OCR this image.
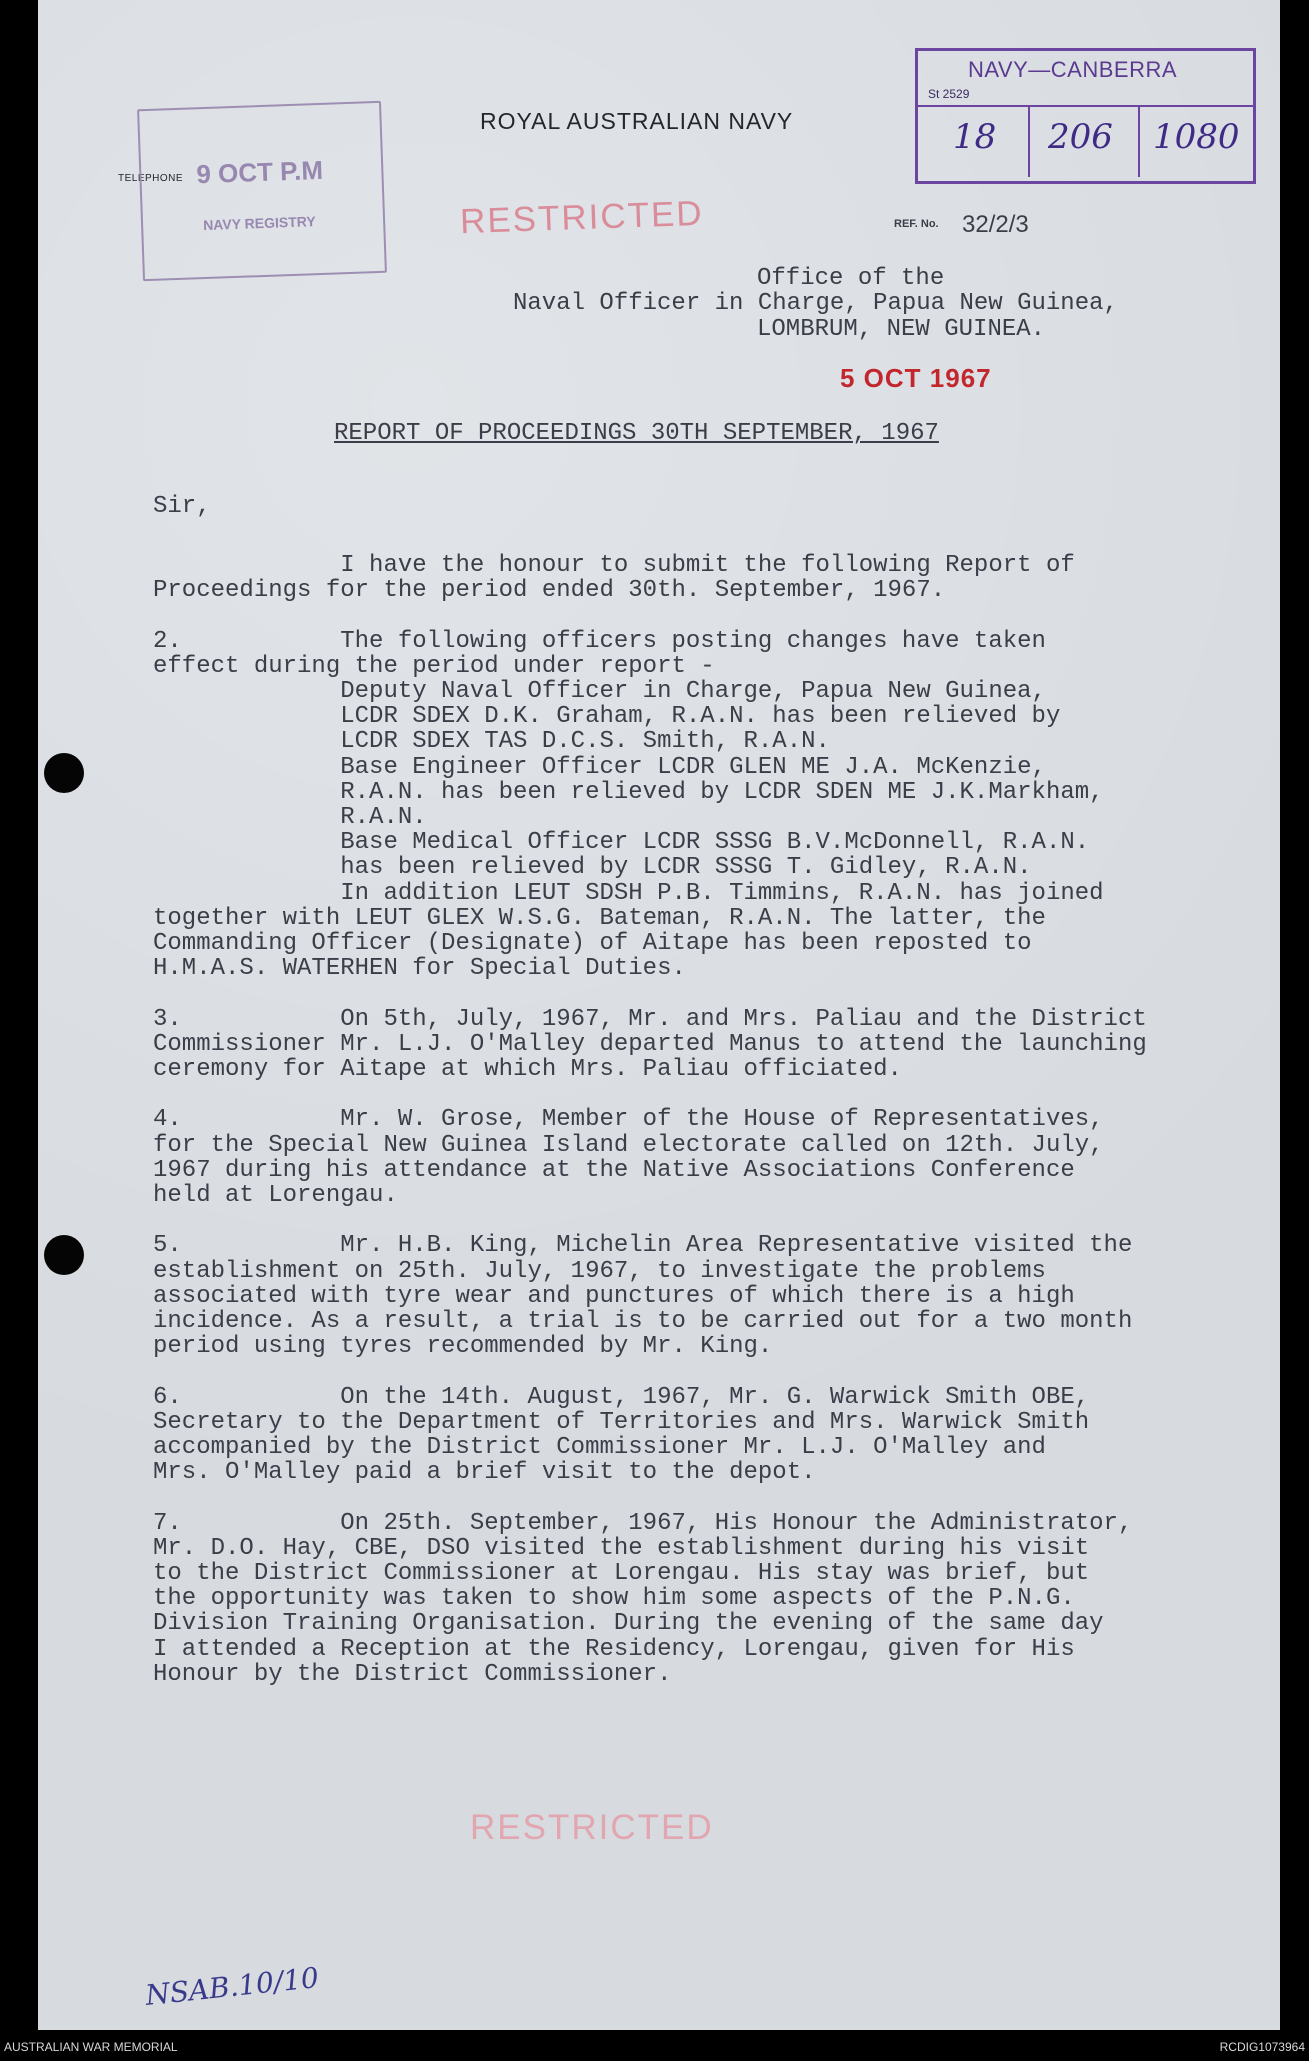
ROYAL AUSTRALIAN NAVY
TELEPHONE 9 OCT P.M
NAVY REGISTRY
NAVY—CANBERRA
St 2529
18 206 1080
RESTRICTED	REF. No. 32/2/3
Office of the
Naval Officer in Charge, Papua New Guinea,
LOMBRUM, NEW GUINEA.
5 OCT 1967
REPORT OF PROCEEDINGS 30TH SEPTEMBER, 1967
Sir,
I have the honour to submit the following Report of
Proceedings for the period ended 30th. September, 1967.
2.           The following officers posting changes have taken
effect during the period under report -
Deputy Naval Officer in Charge, Papua New Guinea,
LCDR SDEX D.K. Graham, R.A.N. has been relieved by
LCDR SDEX TAS D.C.S. Smith, R.A.N.
Base Engineer Officer LCDR GLEN ME J.A. McKenzie,
R.A.N. has been relieved by LCDR SDEN ME J.K.Markham,
R.A.N.
Base Medical Officer LCDR SSSG B.V.McDonnell, R.A.N.
has been relieved by LCDR SSSG T. Gidley, R.A.N.
In addition LEUT SDSH P.B. Timmins, R.A.N. has joined
together with LEUT GLEX W.S.G. Bateman, R.A.N. The latter, the
Commanding Officer (Designate) of Aitape has been reposted to
H.M.A.S. WATERHEN for Special Duties.
3.           On 5th, July, 1967, Mr. and Mrs. Paliau and the District
Commissioner Mr. L.J. O'Malley departed Manus to attend the launching
ceremony for Aitape at which Mrs. Paliau officiated.
4.           Mr. W. Grose, Member of the House of Representatives,
for the Special New Guinea Island electorate called on 12th. July,
1967 during his attendance at the Native Associations Conference
held at Lorengau.
5.           Mr. H.B. King, Michelin Area Representative visited the
establishment on 25th. July, 1967, to investigate the problems
associated with tyre wear and punctures of which there is a high
incidence. As a result, a trial is to be carried out for a two month
period using tyres recommended by Mr. King.
6.           On the 14th. August, 1967, Mr. G. Warwick Smith OBE,
Secretary to the Department of Territories and Mrs. Warwick Smith
accompanied by the District Commissioner Mr. L.J. O'Malley and
Mrs. O'Malley paid a brief visit to the depot.
7.           On 25th. September, 1967, His Honour the Administrator,
Mr. D.O. Hay, CBE, DSO visited the establishment during his visit
to the District Commissioner at Lorengau. His stay was brief, but
the opportunity was taken to show him some aspects of the P.N.G.
Division Training Organisation. During the evening of the same day
I attended a Reception at the Residency, Lorengau, given for His
Honour by the District Commissioner.
RESTRICTED
NSAB.10/10
AUSTRALIAN WAR MEMORIAL	RCDIG1073964
